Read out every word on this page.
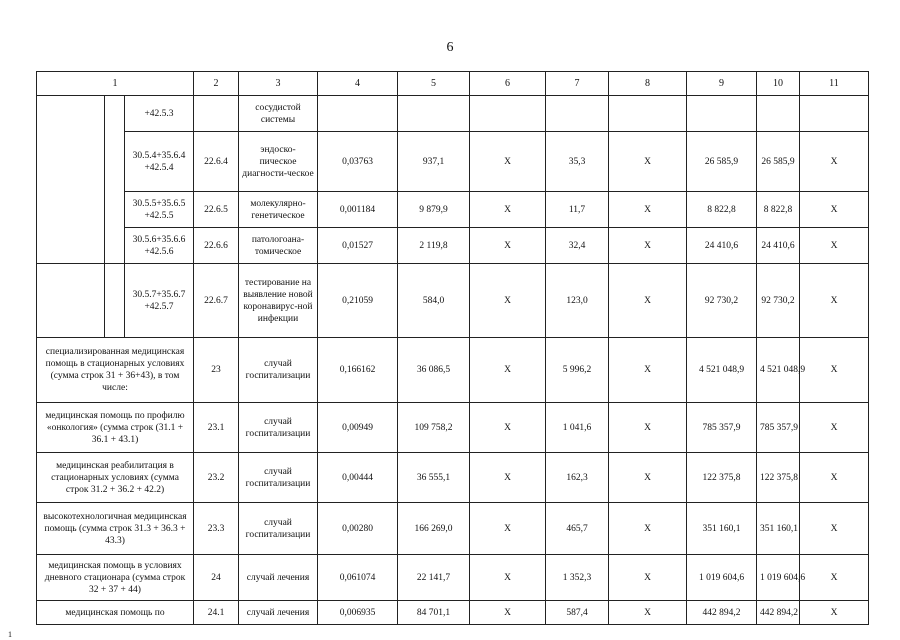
6
1			2	3	4	5	6	7	8	9	10	11
		+42.5.3		сосудистой системы								
		30.5.4+35.6.4 +42.5.4	22.6.4	эндоско-пическое диагности-ческое	0,03763	937,1	X	35,3	X	26 585,9	26 585,9	X
		30.5.5+35.6.5 +42.5.5	22.6.5	молекулярно-генетическое	0,001184	9 879,9	X	11,7	X	8 822,8	8 822,8	X
		30.5.6+35.6.6 +42.5.6	22.6.6	патологоана-томическое	0,01527	2 119,8	X	32,4	X	24 410,6	24 410,6	X
		30.5.7+35.6.7 +42.5.7	22.6.7	тестирование на выявление новой коронавирус-ной инфекции	0,21059	584,0	X	123,0	X	92 730,2	92 730,2	X
специализированная медицинская помощь в стационарных условиях (сумма строк 31 + 36+43), в том числе:			23	случай госпитализации	0,166162	36 086,5	X	5 996,2	X	4 521 048,9	4 521 048,9	X
медицинская помощь по профилю «онкология» (сумма строк (31.1 + 36.1 + 43.1)			23.1	случай госпитализации	0,00949	109 758,2	X	1 041,6	X	785 357,9	785 357,9	X
медицинская реабилитация в стационарных условиях (сумма строк 31.2 + 36.2 + 42.2)			23.2	случай госпитализации	0,00444	36 555,1	X	162,3	X	122 375,8	122 375,8	X
высокотехнологичная медицинская помощь (сумма строк 31.3 + 36.3 + 43.3)			23.3	случай госпитализации	0,00280	166 269,0	X	465,7	X	351 160,1	351 160,1	X
медицинская помощь в условиях дневного стационара (сумма строк 32 + 37 + 44)			24	случай лечения	0,061074	22 141,7	X	1 352,3	X	1 019 604,6	1 019 604,6	X
медицинская помощь по			24.1	случай лечения	0,006935	84 701,1	X	587,4	X	442 894,2	442 894,2	X
1
